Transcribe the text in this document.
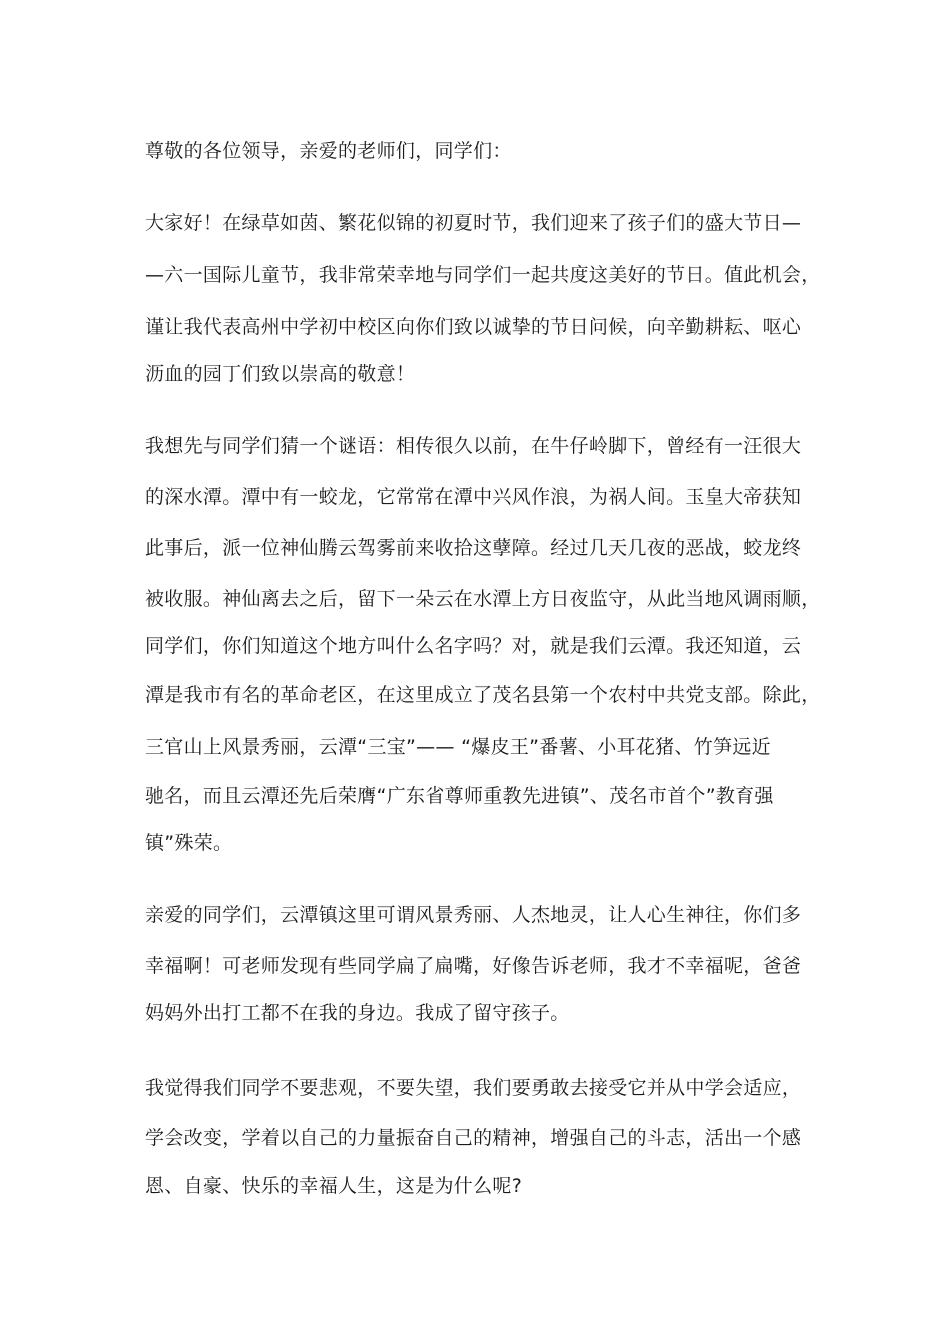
尊敬的各位领导，亲爱的老师们，同学们：
大家好！在绿草如茵、繁花似锦的初夏时节，我们迎来了孩子们的盛大节日—
—六一国际儿童节，我非常荣幸地与同学们一起共度这美好的节日。值此机会，
谨让我代表高州中学初中校区向你们致以诚挚的节日问候，向辛勤耕耘、呕心
沥血的园丁们致以崇高的敬意！
我想先与同学们猜一个谜语：相传很久以前，在牛仔岭脚下，曾经有一汪很大
的深水潭。潭中有一蛟龙，它常常在潭中兴风作浪，为祸人间。玉皇大帝获知
此事后，派一位神仙腾云驾雾前来收拾这孽障。经过几天几夜的恶战，蛟龙终
被收服。神仙离去之后，留下一朵云在水潭上方日夜监守，从此当地风调雨顺，
同学们，你们知道这个地方叫什么名字吗？对，就是我们云潭。我还知道，云
潭是我市有名的革命老区，在这里成立了茂名县第一个农村中共党支部。除此，
三官山上风景秀丽，云潭“三宝”—— “爆皮王”番薯、小耳花猪、竹笋远近
驰名，而且云潭还先后荣膺“广东省尊师重教先进镇”、茂名市首个”教育强
镇”殊荣。
亲爱的同学们，云潭镇这里可谓风景秀丽、人杰地灵，让人心生神往，你们多
幸福啊！可老师发现有些同学扁了扁嘴，好像告诉老师，我才不幸福呢，爸爸
妈妈外出打工都不在我的身边。我成了留守孩子。
我觉得我们同学不要悲观，不要失望，我们要勇敢去接受它并从中学会适应，
学会改变，学着以自己的力量振奋自己的精神，增强自己的斗志，活出一个感
恩、自豪、快乐的幸福人生，这是为什么呢?
